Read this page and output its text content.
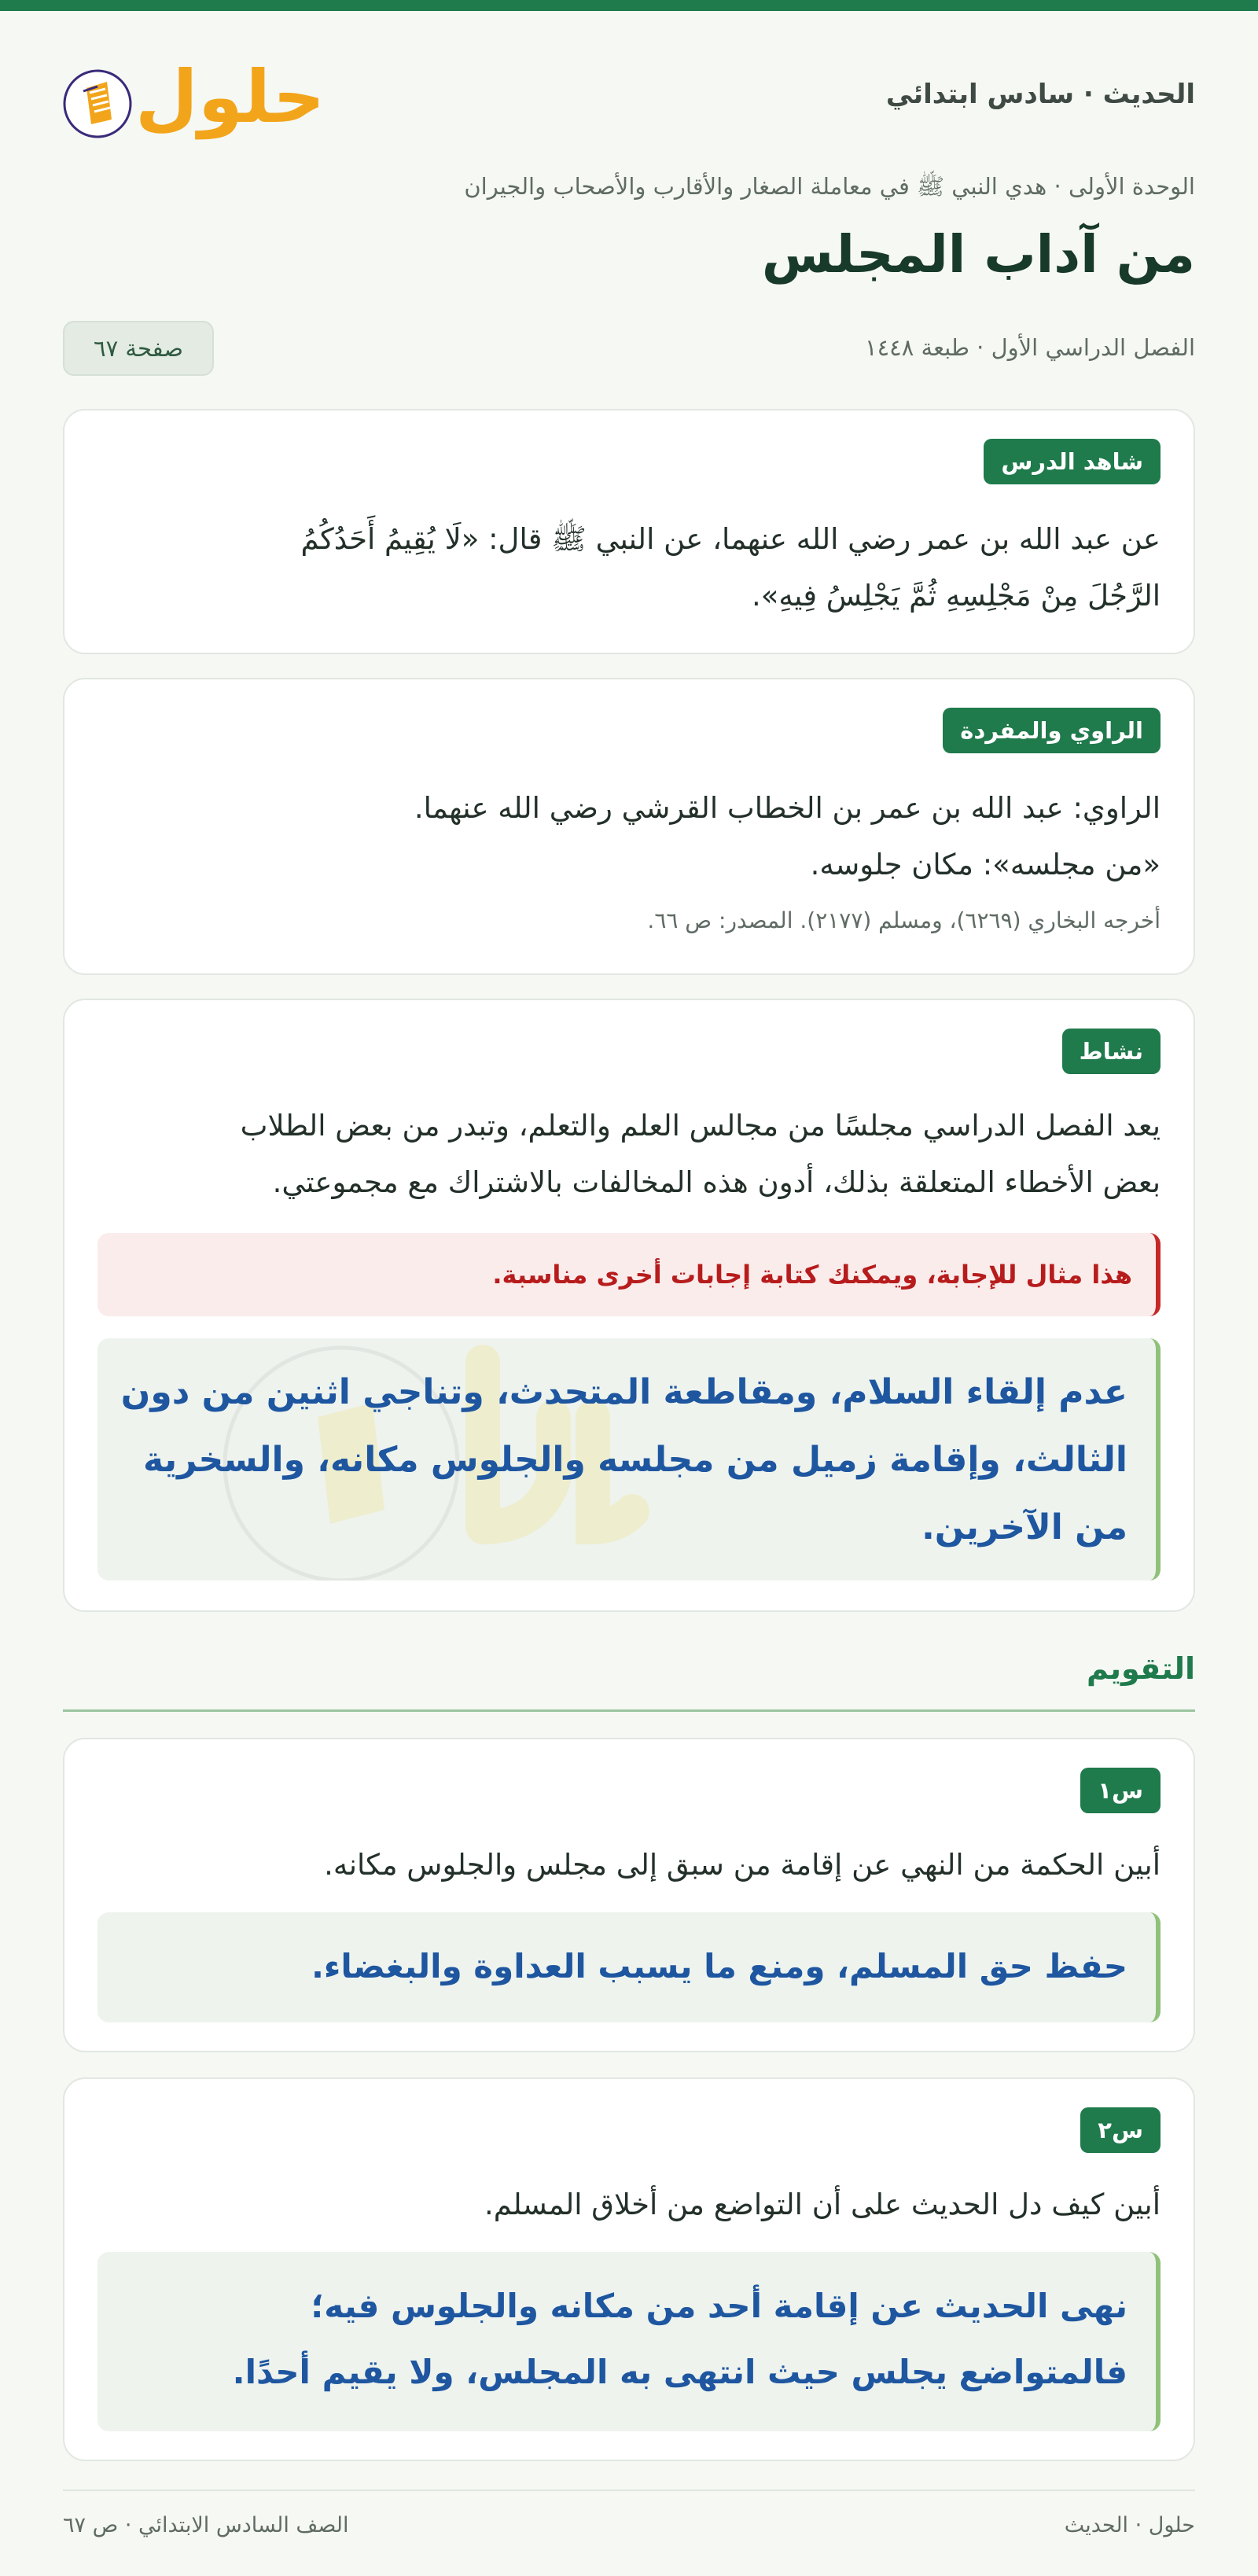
الحديث · سادس ابتدائي
حلول
الوحدة الأولى · هدي النبي ﷺ في معاملة الصغار والأقارب والأصحاب والجيران
من آداب المجلس
الفصل الدراسي الأول · طبعة ١٤٤٨
صفحة ٦٧
شاهد الدرس
عن عبد الله بن عمر رضي الله عنهما، عن النبي ﷺ قال: «لَا يُقِيمُ أَحَدُكُمُ
الرَّجُلَ مِنْ مَجْلِسِهِ ثُمَّ يَجْلِسُ فِيهِ».
الراوي والمفردة
الراوي: عبد الله بن عمر بن الخطاب القرشي رضي الله عنهما.
«من مجلسه»: مكان جلوسه.
أخرجه البخاري (٦٢٦٩)، ومسلم (٢١٧٧). المصدر: ص ٦٦.
نشاط
يعد الفصل الدراسي مجلسًا من مجالس العلم والتعلم، وتبدر من بعض الطلاب
بعض الأخطاء المتعلقة بذلك، أدون هذه المخالفات بالاشتراك مع مجموعتي.
هذا مثال للإجابة، ويمكنك كتابة إجابات أخرى مناسبة.
عدم إلقاء السلام، ومقاطعة المتحدث، وتناجي اثنين من دون
الثالث، وإقامة زميل من مجلسه والجلوس مكانه، والسخرية
من الآخرين.
التقويم
س١
أبين الحكمة من النهي عن إقامة من سبق إلى مجلس والجلوس مكانه.
حفظ حق المسلم، ومنع ما يسبب العداوة والبغضاء.
س٢
أبين كيف دل الحديث على أن التواضع من أخلاق المسلم.
نهى الحديث عن إقامة أحد من مكانه والجلوس فيه؛
فالمتواضع يجلس حيث انتهى به المجلس، ولا يقيم أحدًا.
حلول · الحديث
الصف السادس الابتدائي · ص ٦٧
